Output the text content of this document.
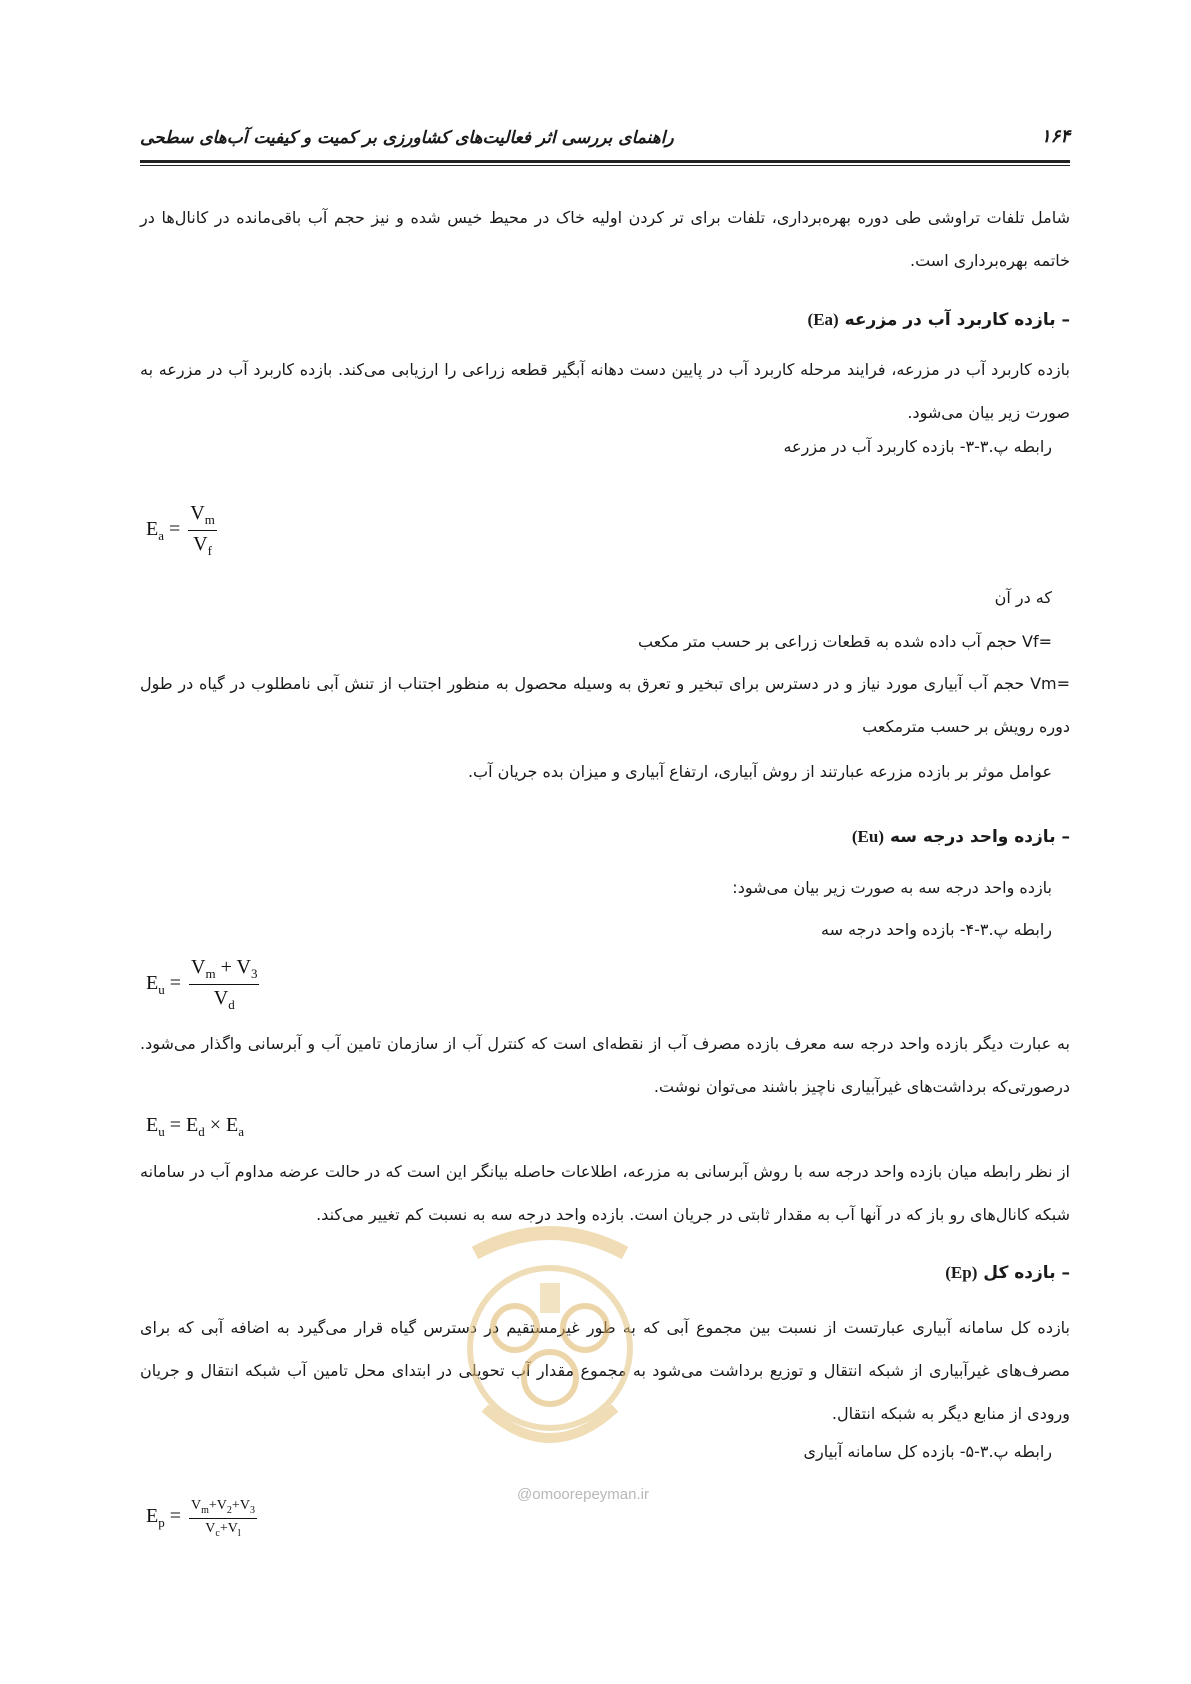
راهنمای بررسی اثر فعالیت‌های کشاورزی بر کمیت و کیفیت آب‌های سطحی	۱۶۴
شامل تلفات تراوشی طی دوره بهره‌برداری، تلفات برای تر کردن اولیه خاک در محیط خیس شده و نیز حجم آب باقی‌مانده در کانال‌ها در خاتمه بهره‌برداری است.
– بازده کاربرد آب در مزرعه (Ea)
بازده کاربرد آب در مزرعه، فرایند مرحله کاربرد آب در پایین دست دهانه آبگیر قطعه زراعی را ارزیابی می‌کند. بازده کاربرد آب در مزرعه به صورت زیر بیان می‌شود.
رابطه پ.۳-۳- بازده کاربرد آب در مزرعه
$E_a = \frac{V_m}{V_f}$
که در آن
=Vf حجم آب داده شده به قطعات زراعی بر حسب متر مکعب
=Vm حجم آب آبیاری مورد نیاز و در دسترس برای تبخیر و تعرق به وسیله محصول به منظور اجتناب از تنش آبی نامطلوب در گیاه در طول دوره رویش بر حسب مترمکعب
عوامل موثر بر بازده مزرعه عبارتند از روش آبیاری، ارتفاع آبیاری و میزان بده جریان آب.
– بازده واحد درجه سه (Eu)
بازده واحد درجه سه به صورت زیر بیان می‌شود:
رابطه پ.۳-۴- بازده واحد درجه سه
$E_u = \frac{V_m + V_3}{V_d}$
به عبارت دیگر بازده واحد درجه سه معرف بازده مصرف آب از نقطه‌ای است که کنترل آب از سازمان تامین آب و آبرسانی واگذار می‌شود. درصورتی‌که برداشت‌های غیرآبیاری ناچیز باشند می‌توان نوشت.
$E_u = E_d \times E_a$
از نظر رابطه میان بازده واحد درجه سه با روش آبرسانی به مزرعه، اطلاعات حاصله بیانگر این است که در حالت عرضه مداوم آب در سامانه شبکه کانال‌های رو باز که در آنها آب به مقدار ثابتی در جریان است. بازده واحد درجه سه به نسبت کم تغییر می‌کند.
– بازده کل (Ep)
بازده کل سامانه آبیاری عبارتست از نسبت بین مجموع آبی که به طور غیرمستقیم در دسترس گیاه قرار می‌گیرد به اضافه آبی که برای مصرف‌های غیرآبیاری از شبکه انتقال و توزیع برداشت می‌شود به مجموع مقدار آب تحویلی در ابتدای محل تامین آب شبکه انتقال و جریان ورودی از منابع دیگر به شبکه انتقال.
رابطه پ.۳-۵- بازده کل سامانه آبیاری
$E_p = \frac{V_m+V_2+V_3}{V_c+V_l}$
@omoorepeyman.ir
